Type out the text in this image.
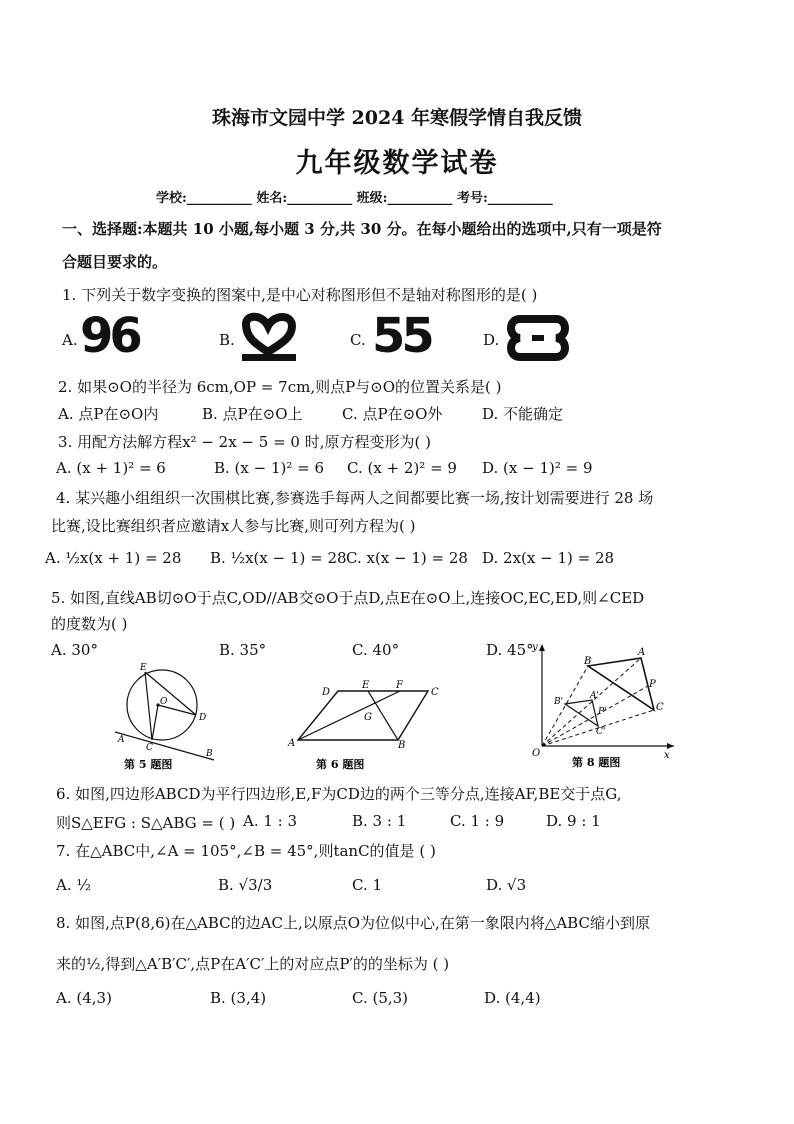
珠海市文园中学 2024 年寒假学情自我反馈
九年级数学试卷
学校:__________ 姓名:__________ 班级:__________ 考号:__________
一、选择题:本题共 10 小题,每小题 3 分,共 30 分。在每小题给出的选项中,只有一项是符
合题目要求的。
1. 下列关于数字变换的图案中,是中心对称图形但不是轴对称图形的是( )
A. 96	B.	C. 55	D.
2. 如果⊙O的半径为 6cm,OP = 7cm,则点P与⊙O的位置关系是( )
A. 点P在⊙O内	B. 点P在⊙O上	C. 点P在⊙O外	D. 不能确定
3. 用配方法解方程x² − 2x − 5 = 0 时,原方程变形为( )
A. (x + 1)² = 6	B. (x − 1)² = 6 C. (x + 2)² = 9 D. (x − 1)² = 9
4. 某兴趣小组组织一次围棋比赛,参赛选手每两人之间都要比赛一场,按计划需要进行 28 场
比赛,设比赛组织者应邀请x人参与比赛,则可列方程为( )
A. ½x(x + 1) = 28 B. ½x(x − 1) = 28 C. x(x − 1) = 28 D. 2x(x − 1) = 28
5. 如图,直线AB切⊙O于点C,OD//AB交⊙O于点D,点E在⊙O上,连接OC,EC,ED,则∠CED
的度数为( )
A. 30°	B. 35°	C. 40°	D. 45°
E
O
D
A
C
B
第 5 题图
D
E	F
C
G
A	B
第 6 题图
y
x
O
A
B
C
P
A'
B'
C'
P'
第 8 题图
6. 如图,四边形ABCD为平行四边形,E,F为CD边的两个三等分点,连接AF,BE交于点G,
则S△EFG : S△ABG = ( ) A. 1 : 3	B. 3 : 1	C. 1 : 9	D. 9 : 1
7. 在△ABC中,∠A = 105°,∠B = 45°,则tanC的值是 ( )
A. ½	B. √3/3	C. 1	D. √3
8. 如图,点P(8,6)在△ABC的边AC上,以原点O为位似中心,在第一象限内将△ABC缩小到原
来的½,得到△A′B′C′,点P在A′C′上的对应点P′的的坐标为 ( )
A. (4,3)	B. (3,4)	C. (5,3)	D. (4,4)
